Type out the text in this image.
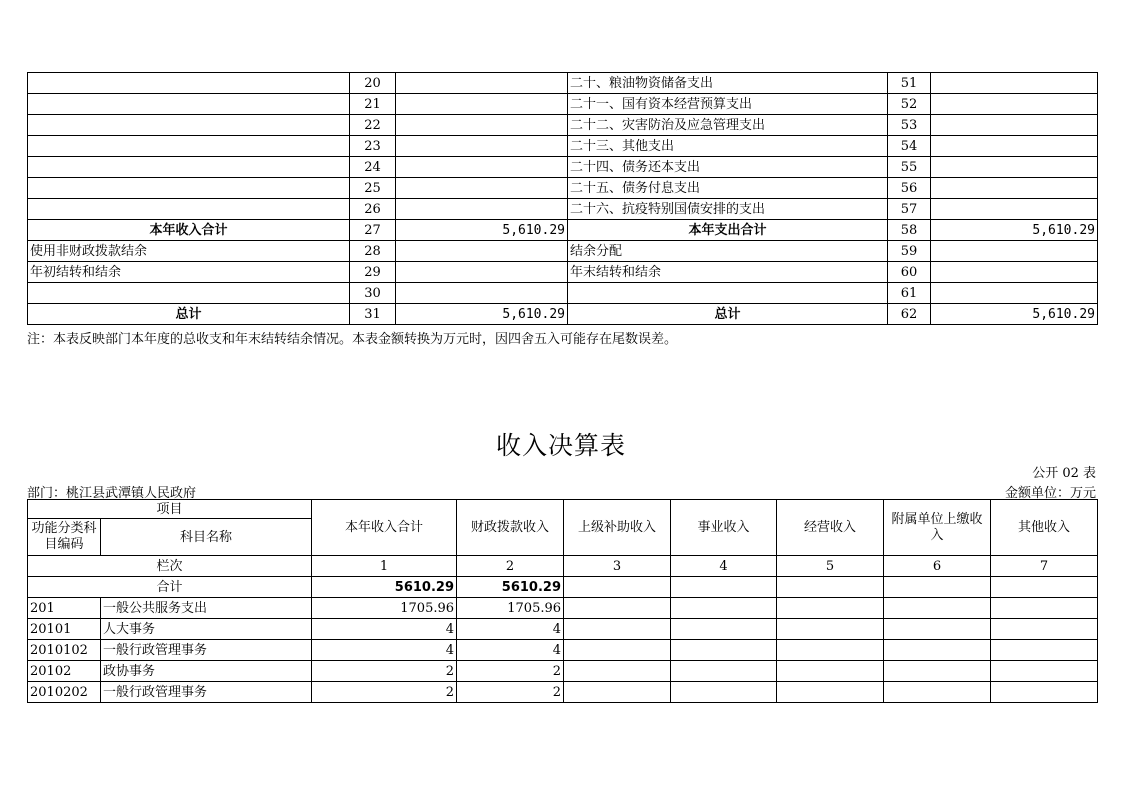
	20		二十、粮油物资储备支出	51	
	21		二十一、国有资本经营预算支出	52	
	22		二十二、灾害防治及应急管理支出	53	
	23		二十三、其他支出	54	
	24		二十四、债务还本支出	55	
	25		二十五、债务付息支出	56	
	26		二十六、抗疫特别国债安排的支出	57	
本年收入合计	27	5,610.29	本年支出合计	58	5,610.29
使用非财政拨款结余	28		结余分配	59	
年初结转和结余	29		年末结转和结余	60	
	30			61	
总计	31	5,610.29	总计	62	5,610.29
注：本表反映部门本年度的总收支和年末结转结余情况。本表金额转换为万元时，因四舍五入可能存在尾数误差。
收入决算表
公开 02 表
部门：桃江县武潭镇人民政府	金额单位：万元
项目		本年收入合计	财政拨款收入	上级补助收入	事业收入	经营收入	附属单位上缴收入	其他收入
功能分类科目编码	科目名称							
栏次		1	2	3	4	5	6	7
合计		5610.29	5610.29					
201	一般公共服务支出	1705.96	1705.96					
20101	人大事务	4	4					
2010102	一般行政管理事务	4	4					
20102	政协事务	2	2					
2010202	一般行政管理事务	2	2					
